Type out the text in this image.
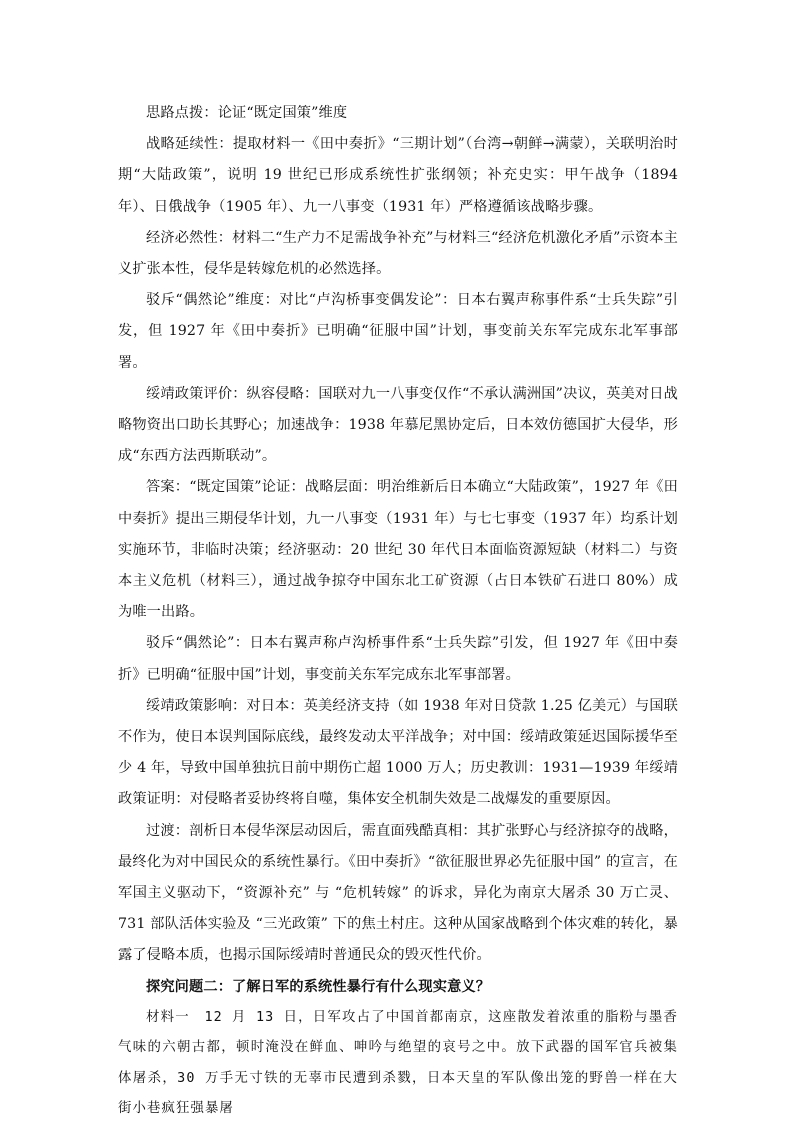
思路点拨：论证“既定国策”维度

战略延续性：提取材料一《田中奏折》“三期计划”（台湾→朝鲜→满蒙），关联明治时期“大陆政策”，说明 19 世纪已形成系统性扩张纲领；补充史实：甲午战争（1894 年）、日俄战争（1905 年）、九一八事变（1931 年）严格遵循该战略步骤。

经济必然性：材料二“生产力不足需战争补充”与材料三“经济危机激化矛盾”示资本主义扩张本性，侵华是转嫁危机的必然选择。

驳斥“偶然论”维度：对比“卢沟桥事变偶发论”：日本右翼声称事件系“士兵失踪”引发，但 1927 年《田中奏折》已明确“征服中国”计划，事变前关东军完成东北军事部署。

绥靖政策评价：纵容侵略：国联对九一八事变仅作“不承认满洲国”决议，英美对日战略物资出口助长其野心；加速战争：1938 年慕尼黑协定后，日本效仿德国扩大侵华，形成“东西方法西斯联动”。

答案：“既定国策”论证：战略层面：明治维新后日本确立“大陆政策”，1927 年《田中奏折》提出三期侵华计划，九一八事变（1931 年）与七七事变（1937 年）均系计划实施环节，非临时决策；经济驱动：20 世纪 30 年代日本面临资源短缺（材料二）与资本主义危机（材料三），通过战争掠夺中国东北工矿资源（占日本铁矿石进口 80%）成为唯一出路。

驳斥“偶然论”：日本右翼声称卢沟桥事件系“士兵失踪”引发，但 1927 年《田中奏折》已明确“征服中国”计划，事变前关东军完成东北军事部署。

绥靖政策影响：对日本：英美经济支持（如 1938 年对日贷款 1.25 亿美元）与国联不作为，使日本误判国际底线，最终发动太平洋战争；对中国：绥靖政策延迟国际援华至少 4 年，导致中国单独抗日前中期伤亡超 1000 万人；历史教训：1931—1939 年绥靖政策证明：对侵略者妥协终将自噬，集体安全机制失效是二战爆发的重要原因。

过渡：剖析日本侵华深层动因后，需直面残酷真相：其扩张野心与经济掠夺的战略，最终化为对中国民众的系统性暴行。《田中奏折》“欲征服世界必先征服中国” 的宣言，在军国主义驱动下，“资源补充” 与 “危机转嫁” 的诉求，异化为南京大屠杀 30 万亡灵、731 部队活体实验及 “三光政策” 下的焦土村庄。这种从国家战略到个体灾难的转化，暴露了侵略本质，也揭示国际绥靖时普通民众的毁灭性代价。

探究问题二：了解日军的系统性暴行有什么现实意义？

材料一　12 月 13 日，日军攻占了中国首都南京，这座散发着浓重的脂粉与墨香气味的六朝古都，顿时淹没在鲜血、呻吟与绝望的哀号之中。放下武器的国军官兵被集体屠杀，30 万手无寸铁的无辜市民遭到杀戮，日本天皇的军队像出笼的野兽一样在大街小巷疯狂强暴屠
